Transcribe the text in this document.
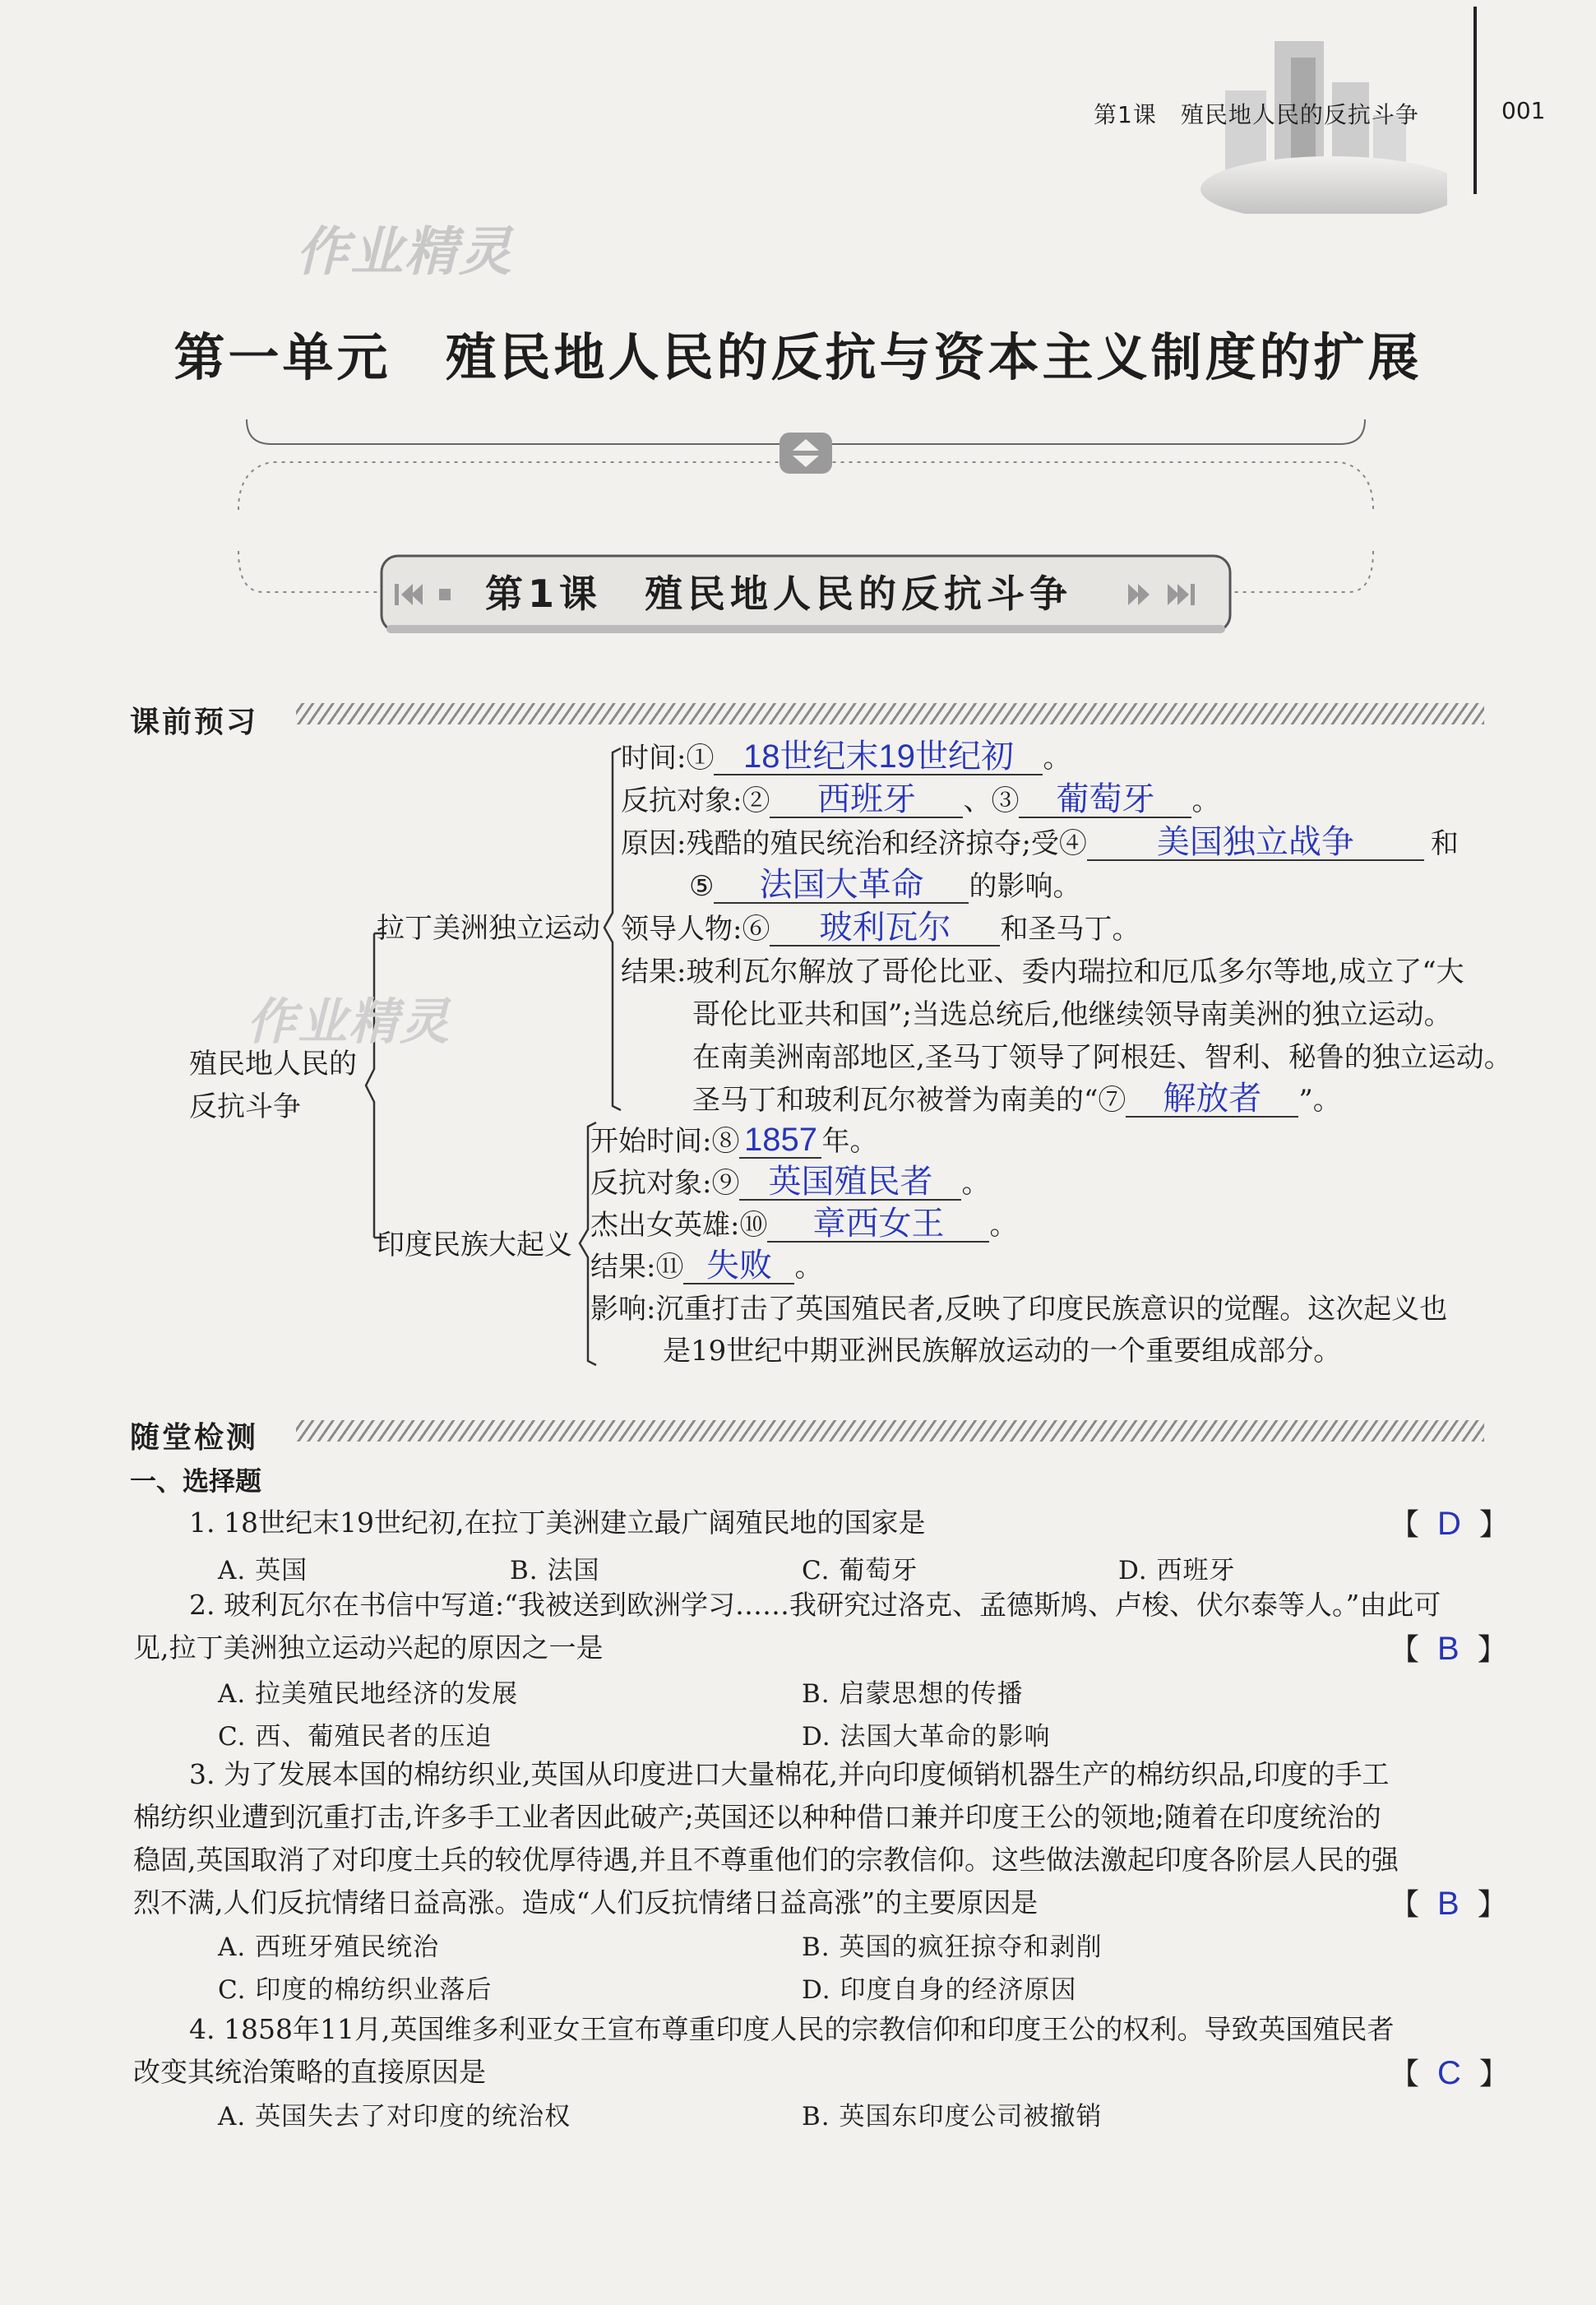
第1课　殖民地人民的反抗斗争	001
作业精灵
第一单元　殖民地人民的反抗与资本主义制度的扩展
第1课　殖民地人民的反抗斗争
课前预习
殖民地人民的
反抗斗争
拉丁美洲独立运动
印度民族大起义
时间:① 18世纪末19世纪初 。
反抗对象:② 西班牙 、③ 葡萄牙 。
原因:残酷的殖民统治和经济掠夺;受④ 美国独立战争	和
⑤ 法国大革命 的影响。
领导人物:⑥ 玻利瓦尔 和圣马丁。
结果:玻利瓦尔解放了哥伦比亚、委内瑞拉和厄瓜多尔等地,成立了“大
哥伦比亚共和国”;当选总统后,他继续领导南美洲的独立运动。
在南美洲南部地区,圣马丁领导了阿根廷、智利、秘鲁的独立运动。
圣马丁和玻利瓦尔被誉为南美的“⑦ 解放者 ”。
开始时间:⑧ 1857 年。
反抗对象:⑨ 英国殖民者 。
杰出女英雄:⑩ 章西女王 。
结果:⑪ 失败 。
影响:沉重打击了英国殖民者,反映了印度民族意识的觉醒。这次起义也
是19世纪中期亚洲民族解放运动的一个重要组成部分。
作业精灵
随堂检测
一、选择题
1. 18世纪末19世纪初,在拉丁美洲建立最广阔殖民地的国家是	【 D 】
A. 英国	B. 法国	C. 葡萄牙	D. 西班牙
2. 玻利瓦尔在书信中写道:“我被送到欧洲学习……我研究过洛克、孟德斯鸠、卢梭、伏尔泰等人。”由此可
见,拉丁美洲独立运动兴起的原因之一是	【 B 】
A. 拉美殖民地经济的发展	B. 启蒙思想的传播
C. 西、葡殖民者的压迫	D. 法国大革命的影响
3. 为了发展本国的棉纺织业,英国从印度进口大量棉花,并向印度倾销机器生产的棉纺织品,印度的手工
棉纺织业遭到沉重打击,许多手工业者因此破产;英国还以种种借口兼并印度王公的领地;随着在印度统治的
稳固,英国取消了对印度土兵的较优厚待遇,并且不尊重他们的宗教信仰。这些做法激起印度各阶层人民的强
烈不满,人们反抗情绪日益高涨。造成“人们反抗情绪日益高涨”的主要原因是	【 B 】
A. 西班牙殖民统治	B. 英国的疯狂掠夺和剥削
C. 印度的棉纺织业落后	D. 印度自身的经济原因
4. 1858年11月,英国维多利亚女王宣布尊重印度人民的宗教信仰和印度王公的权利。导致英国殖民者
改变其统治策略的直接原因是	【 C 】
A. 英国失去了对印度的统治权	B. 英国东印度公司被撤销
